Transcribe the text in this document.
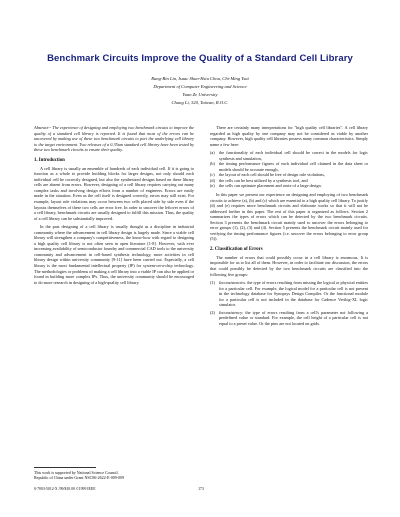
Benchmark Circuits Improve the Quality of a Standard Cell Library
Rung-Bin Lin, Isaac Shuo-Hsiu Chou, Chi-Ming Tsai
Department of Computer Engineering and Science
Yuan Ze University
Chung Li, 320, Taiwan, R.O.C.

Abstract-- The experience of designing and employing two benchmark circuits to improve the quality of a standard cell library is reported. It is found that most of the errors can be uncovered by making use of these two benchmark circuits to port the underlying cell library to the target environment. Two releases of a 0.35um standard cell library have been tested by these two benchmark circuits to ensure their quality.

1. Introduction

A cell library is usually an ensemble of hundreds of each individual cell. If it is going to function as a whole to provide building blocks for larger designs, not only should each individual cell be correctly designed, but also the synthesized designs based on these library cells are absent from errors. However, designing of a cell library requires carrying out many complex tasks and involving design efforts from a number of engineers. Errors are easily made in the situation. Even as the cell itself is designed correctly, errors may still exist. For example, layout rule violations may occur between two cells placed side by side even if the layouts themselves of these two cells are error free. In order to uncover the leftover errors of a cell library, benchmark circuits are usually designed to fulfill this mission. Thus, the quality of a cell library can be substantially improved.

In the past designing of a cell library is usually thought as a discipline in industrial community where the advancement in cell library design is largely made. Since a viable cell library will strengthen a company's competitiveness, the know-how with regard to designing a high quality cell library is not often seen in open literature [1-8]. However, with ever increasing availability of semiconductor foundry and commercial CAD tools to the university community and advancement in cell-based synthesis technology, more activities in cell library design within university community [9-11] have been carried out. Especially, a cell library is the most fundamental intellectual property (IP) for system-on-a-chip technology. The methodologies or problems of making a cell library into a viable IP can also be applied or found in building more complex IPs. Thus, the university community should be encouraged to do more research in designing of a high-quality cell library.

There are certainly many interpretations for "high quality cell libraries". A cell library regarded as high quality by one company may not be considered as viable by another company. However, high quality cell libraries possess many common characteristics. Simply name a few here:

(a)	the functionality of each individual cell should be correct in the models for logic synthesis and simulation,
(b) the timing performance figures of each individual cell claimed in the data sheet or models should be accurate enough,
(c)	the layout of each cell should be free of design rule violations,
(d) the cells can be best utilized by a synthesis tool, and
(e)	the cells can optimize placement and route of a large design.

In this paper we present our experience on designing and employing of two benchmark circuits to achieve (a), (b) and (c) which are essential to a high quality cell library. To justify (d) and (e) requires more benchmark circuits and elaborate works so that it will not be addressed further in this paper. The rest of this paper is organized as follows. Section 2 summarizes the types of errors which can be detected by the two benchmark circuits. Section 3 presents the benchmark circuit mainly used to uncover the errors belonging to error groups (1), (2), (3) and (4). Section 5 presents the benchmark circuit mainly used for verifying the timing performance figures (i.e. uncover the errors belonging to error group (5)).

2. Classification of Errors

The number of errors that could possibly occur in a cell library is enormous. It is impossible for us to list all of them. However, in order to facilitate our discussion, the errors that could possibly be detected by the two benchmark circuits are classified into the following five groups:

(1) Inconsistencies: the type of errors resulting from missing the logical or physical entities for a particular cell. For example, the logical model for a particular cell is not present in the technology database for Synopsys Design Compiler. Or the functional module for a particular cell is not included in the database for Cadence Verilog-XL logic simulator.
(2) Inconsistency: the type of errors resulting from a cell's parameter not following a predefined value or standard. For example, the cell height of a particular cell is not equal to a preset value. Or the pins are not located on grids.
This work is supported by National Science Council,
Republic of China under Grant NSC86-2622-E-009-009
0-7803-5012-X /99/$10.00 ©1999 IEEE	173
